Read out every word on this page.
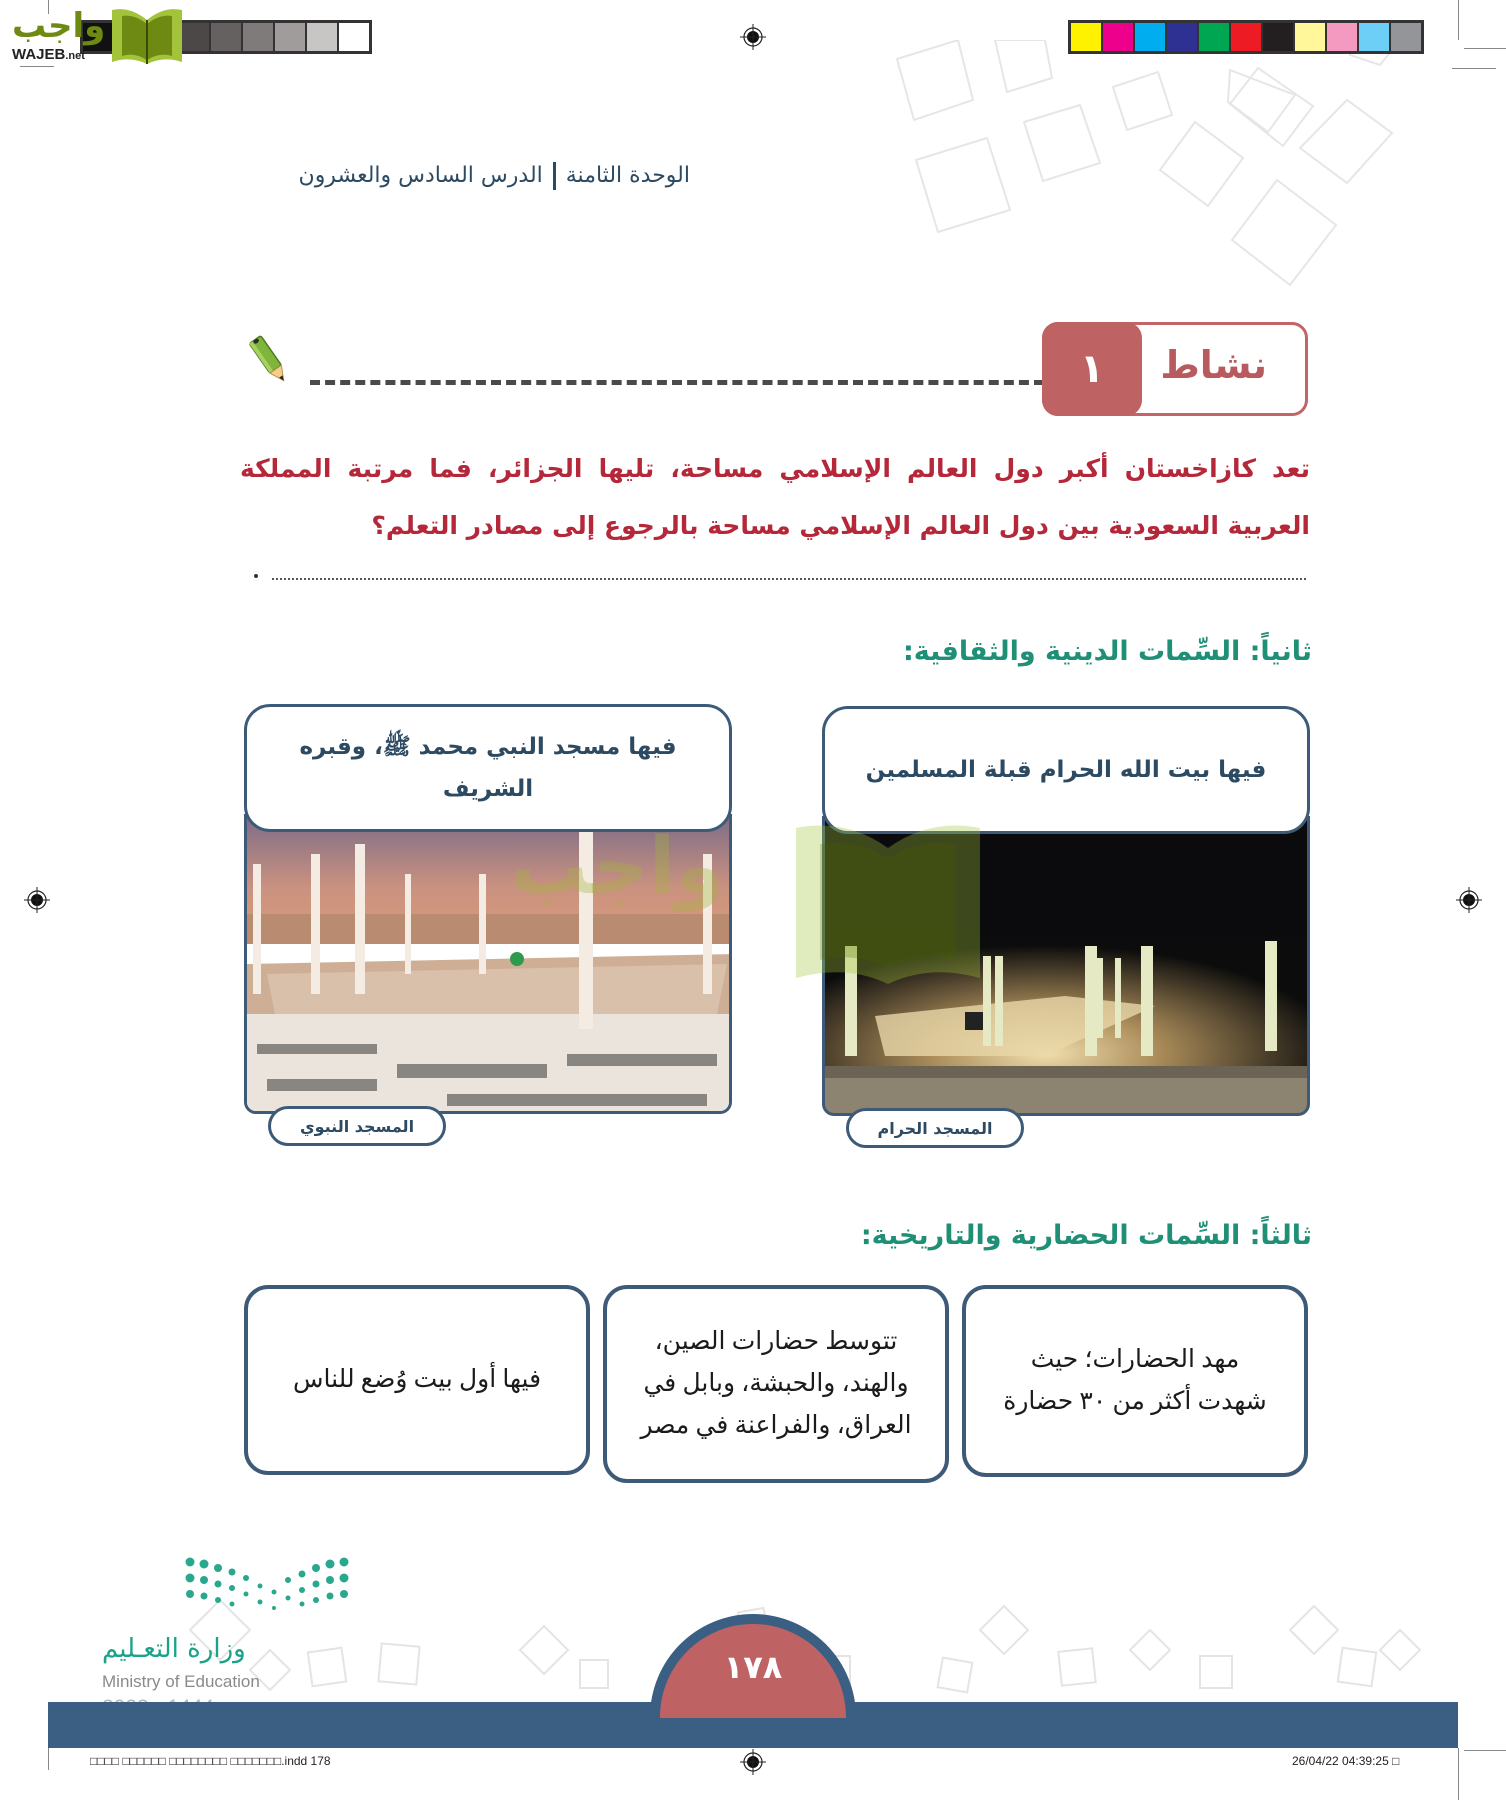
واجب
WAJEB.net
الوحدة الثامنةالدرس السادس والعشرون
١	نشاط
تعد كازاخستان أكبر دول العالم الإسلامي مساحة، تليها الجزائر، فما مرتبة المملكة العربية السعودية بين دول العالم الإسلامي مساحة بالرجوع إلى مصادر التعلم؟
ثانياً: السِّمات الدينية والثقافية:
فيها بيت الله الحرام قبلة المسلمين
المسجد الحرام
فيها مسجد النبي محمد ﷺ، وقبره الشريف
المسجد النبوي
واجب
ثالثاً: السِّمات الحضارية والتاريخية:
مهد الحضارات؛ حيث شهدت أكثر من ٣٠ حضارة
تتوسط حضارات الصين، والهند، والحبشة، وبابل في العراق، والفراعنة في مصر
فيها أول بيت وُضع للناس
وزارة التعـليم
Ministry of Education	١٧٨
□□□□ □□□□□□ □□□□□□□□ □□□□□□□.indd 178	26/04/22 04:39:25 □
